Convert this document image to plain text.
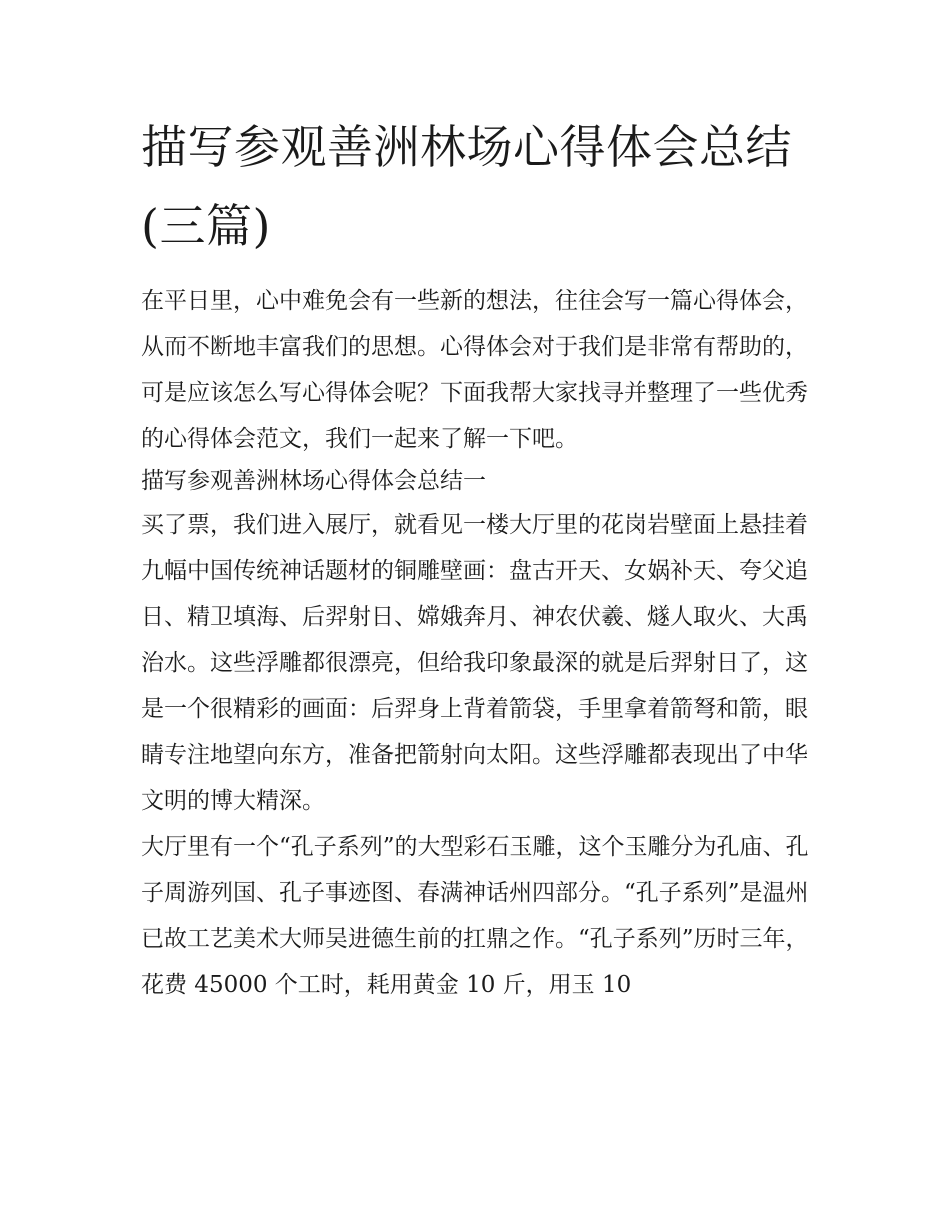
描写参观善洲林场心得体会总结(三篇)

在平日里，心中难免会有一些新的想法，往往会写一篇心得体会，从而不断地丰富我们的思想。心得体会对于我们是非常有帮助的，可是应该怎么写心得体会呢？下面我帮大家找寻并整理了一些优秀的心得体会范文，我们一起来了解一下吧。

描写参观善洲林场心得体会总结一

买了票，我们进入展厅，就看见一楼大厅里的花岗岩壁面上悬挂着九幅中国传统神话题材的铜雕壁画：盘古开天、女娲补天、夸父追日、精卫填海、后羿射日、嫦娥奔月、神农伏羲、燧人取火、大禹治水。这些浮雕都很漂亮，但给我印象最深的就是后羿射日了，这是一个很精彩的画面：后羿身上背着箭袋，手里拿着箭弩和箭，眼睛专注地望向东方，准备把箭射向太阳。这些浮雕都表现出了中华文明的博大精深。

大厅里有一个“孔子系列”的大型彩石玉雕，这个玉雕分为孔庙、孔子周游列国、孔子事迹图、春满神话州四部分。“孔子系列”是温州已故工艺美术大师吴进德生前的扛鼎之作。“孔子系列”历时三年，花费 45000 个工时，耗用黄金 10 斤，用玉 10
